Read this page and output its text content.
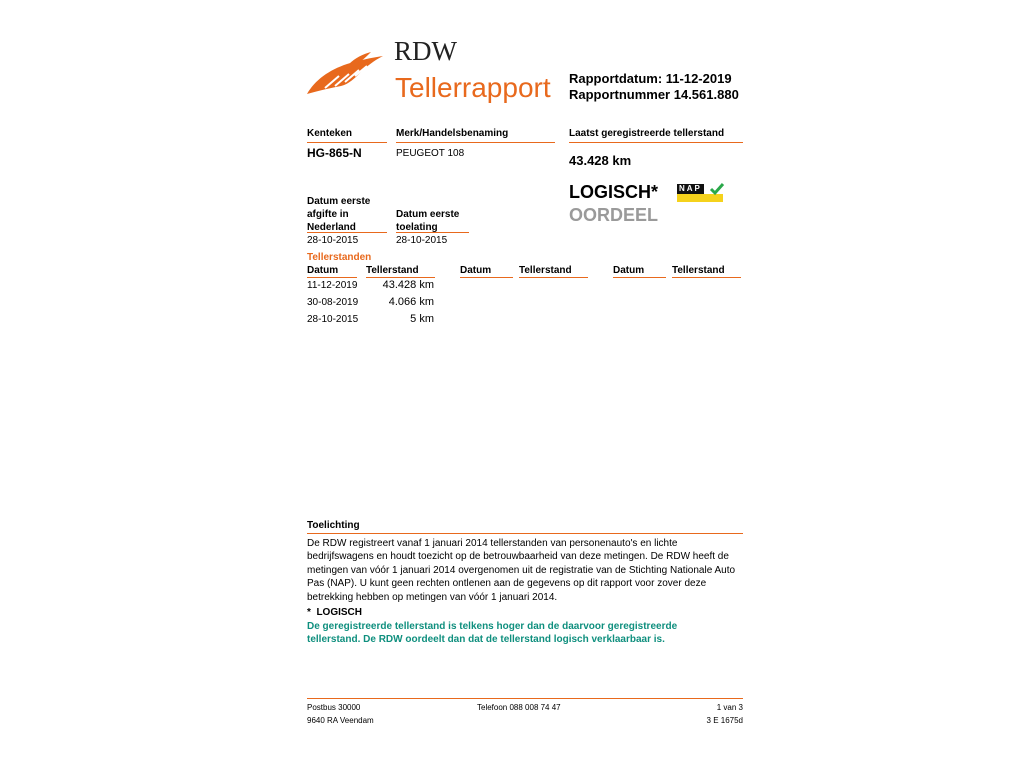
RDW
Tellerrapport Rapportdatum: 11-12-2019
Rapportnummer 14.561.880
Kenteken
HG-865-N
Merk/Handelsbenaming
PEUGEOT 108
Laatst geregistreerde tellerstand
43.428 km
LOGISCH*	NAP
OORDEEL
Datum eerste
afgifte in
Nederland
28-10-2015
Datum eerste
toelating
28-10-2015
Tellerstanden
Datum	Tellerstand	Datum	Tellerstand	Datum	Tellerstand
11-12-2019 43.428 km
30-08-2019	4.066 km
28-10-2015	5 km
Toelichting
De RDW registreert vanaf 1 januari 2014 tellerstanden van personenauto's en lichte
bedrijfswagens en houdt toezicht op de betrouwbaarheid van deze metingen. De RDW heeft de
metingen van vóór 1 januari 2014 overgenomen uit de registratie van de Stichting Nationale Auto
Pas (NAP). U kunt geen rechten ontlenen aan de gegevens op dit rapport voor zover deze
betrekking hebben op metingen van vóór 1 januari 2014.
*  LOGISCH
De geregistreerde tellerstand is telkens hoger dan de daarvoor geregistreerde
tellerstand. De RDW oordeelt dan dat de tellerstand logisch verklaarbaar is.
Postbus 30000
9640 RA Veendam
Telefoon 088 008 74 47	1 van 3
3 E 1675d
